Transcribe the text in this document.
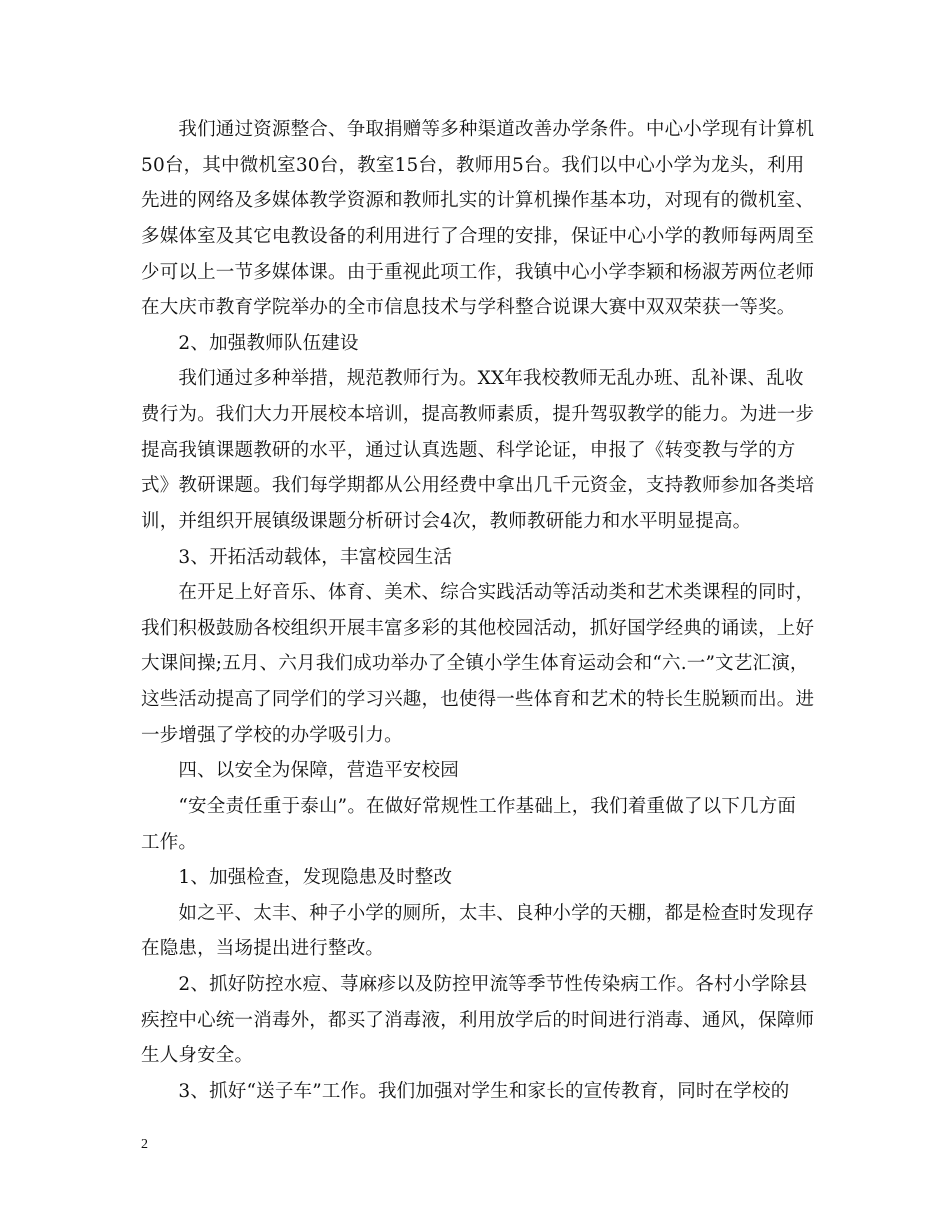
　　我们通过资源整合、争取捐赠等多种渠道改善办学条件。中心小学现有计算机
50台，其中微机室30台，教室15台，教师用5台。我们以中心小学为龙头，利用
先进的网络及多媒体教学资源和教师扎实的计算机操作基本功，对现有的微机室、
多媒体室及其它电教设备的利用进行了合理的安排，保证中心小学的教师每两周至
少可以上一节多媒体课。由于重视此项工作，我镇中心小学李颖和杨淑芳两位老师
在大庆市教育学院举办的全市信息技术与学科整合说课大赛中双双荣获一等奖。
　　2、加强教师队伍建设
　　我们通过多种举措，规范教师行为。XX年我校教师无乱办班、乱补课、乱收
费行为。我们大力开展校本培训，提高教师素质，提升驾驭教学的能力。为进一步
提高我镇课题教研的水平，通过认真选题、科学论证，申报了《转变教与学的方
式》教研课题。我们每学期都从公用经费中拿出几千元资金，支持教师参加各类培
训，并组织开展镇级课题分析研讨会4次，教师教研能力和水平明显提高。
　　3、开拓活动载体，丰富校园生活
　　在开足上好音乐、体育、美术、综合实践活动等活动类和艺术类课程的同时，
我们积极鼓励各校组织开展丰富多彩的其他校园活动，抓好国学经典的诵读，上好
大课间操;五月、六月我们成功举办了全镇小学生体育运动会和“六.一”文艺汇演，
这些活动提高了同学们的学习兴趣，也使得一些体育和艺术的特长生脱颖而出。进
一步增强了学校的办学吸引力。
　　四、以安全为保障，营造平安校园
　　“安全责任重于泰山”。在做好常规性工作基础上，我们着重做了以下几方面
工作。
　　1、加强检查，发现隐患及时整改
　　如之平、太丰、种子小学的厕所，太丰、良种小学的天棚，都是检查时发现存
在隐患，当场提出进行整改。
　　2、抓好防控水痘、荨麻疹以及防控甲流等季节性传染病工作。各村小学除县
疾控中心统一消毒外，都买了消毒液，利用放学后的时间进行消毒、通风，保障师
生人身安全。
2
　　3、抓好“送子车”工作。我们加强对学生和家长的宣传教育，同时在学校的
